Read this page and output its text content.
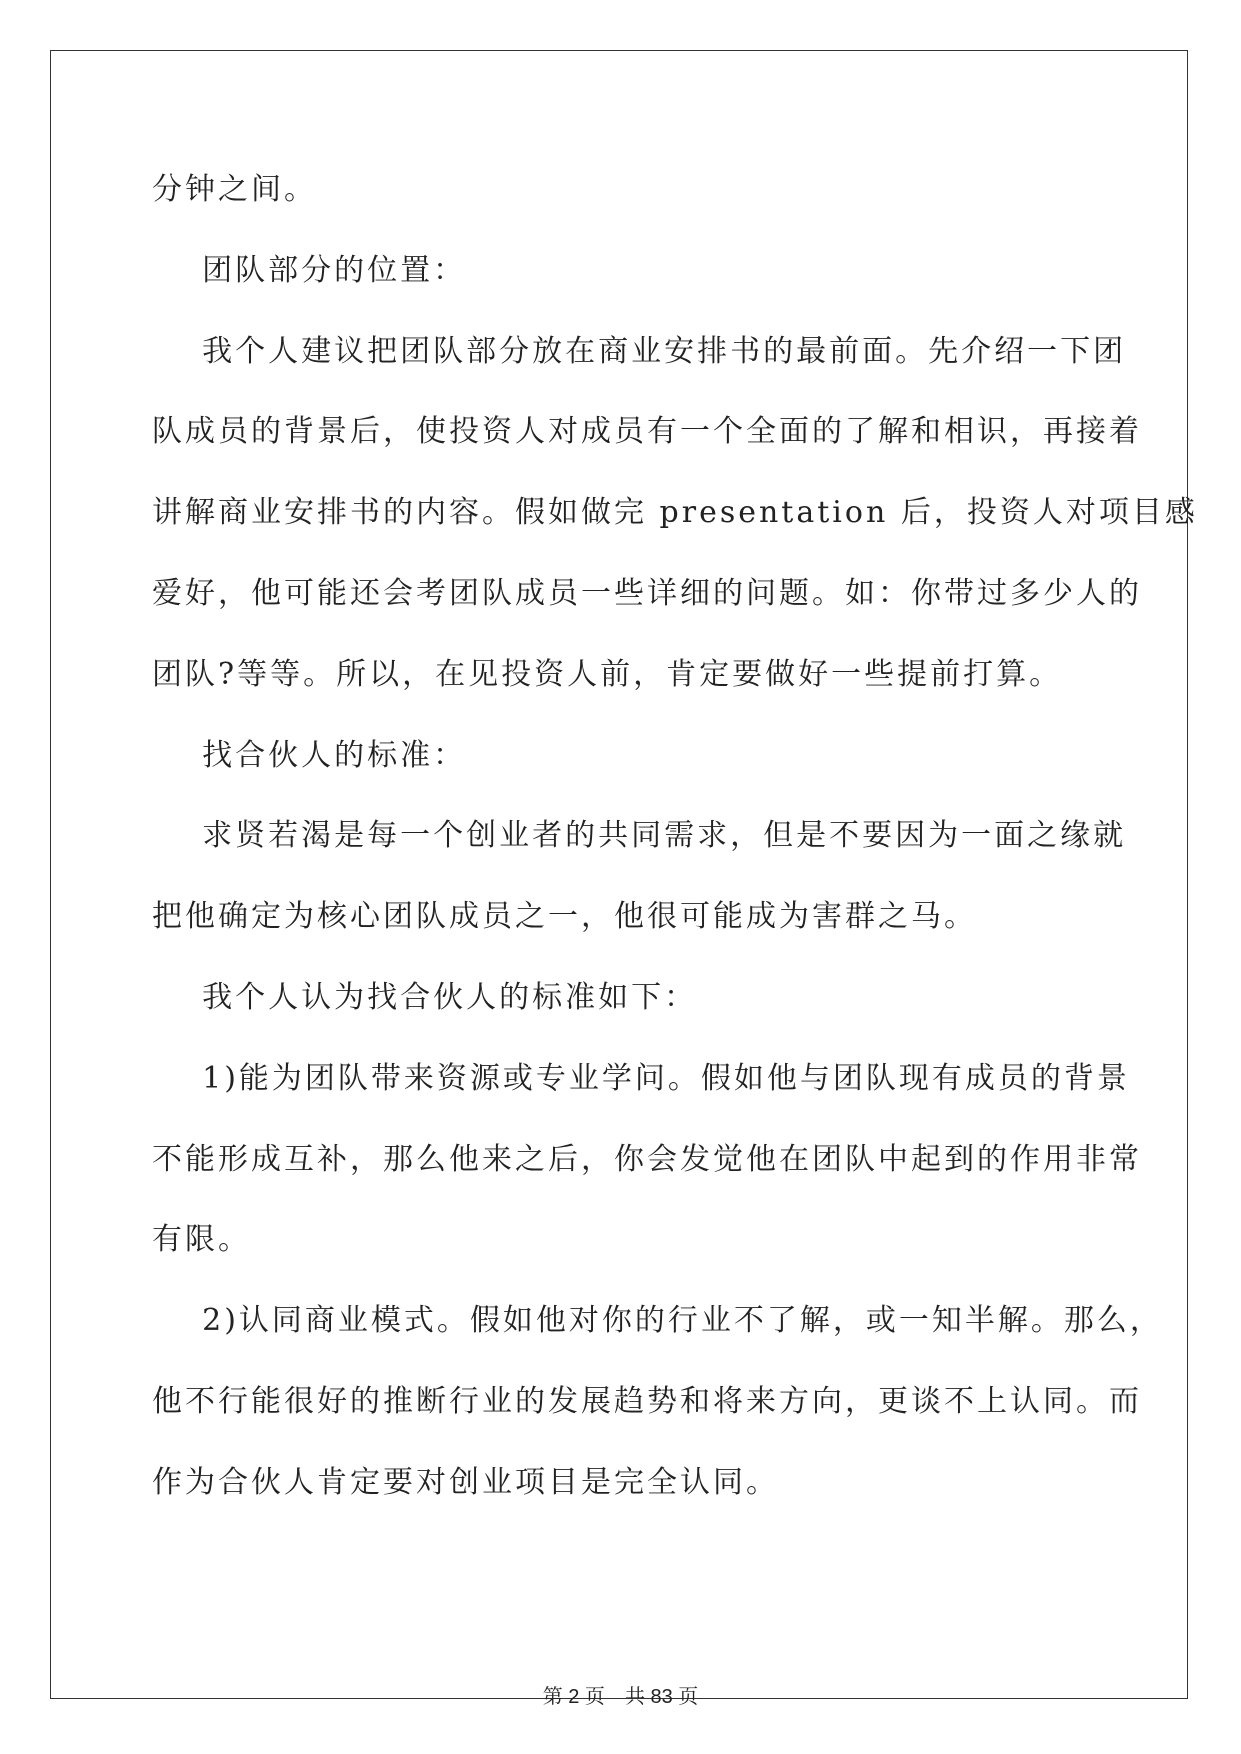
分钟之间。

团队部分的位置：

我个人建议把团队部分放在商业安排书的最前面。先介绍一下团

队成员的背景后，使投资人对成员有一个全面的了解和相识，再接着

讲解商业安排书的内容。假如做完 presentation 后，投资人对项目感

爱好，他可能还会考团队成员一些详细的问题。如：你带过多少人的

团队?等等。所以，在见投资人前，肯定要做好一些提前打算。

找合伙人的标准：

求贤若渴是每一个创业者的共同需求，但是不要因为一面之缘就

把他确定为核心团队成员之一，他很可能成为害群之马。

我个人认为找合伙人的标准如下：

1)能为团队带来资源或专业学问。假如他与团队现有成员的背景

不能形成互补，那么他来之后，你会发觉他在团队中起到的作用非常

有限。

2)认同商业模式。假如他对你的行业不了解，或一知半解。那么，

他不行能很好的推断行业的发展趋势和将来方向，更谈不上认同。而

作为合伙人肯定要对创业项目是完全认同。

第 2 页 共 83 页
